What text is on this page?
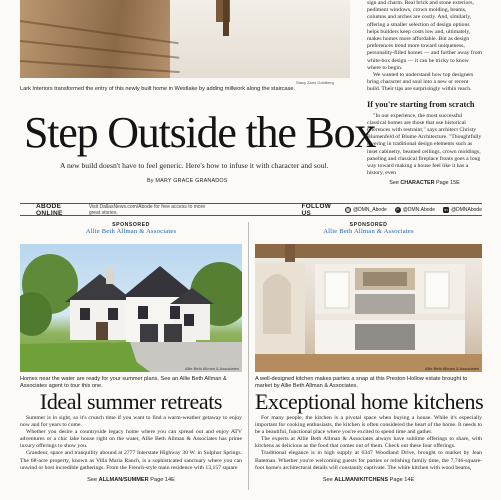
Stacy Zarin Goldberg
Lark Interiors transformed the entry of this newly built home in Westlake by adding millwork along the staircase.

sign and charm. Real brick and stone exteriors, pediment windows, crown molding, beams, columns and arches are costly. And, similarly, offering a smaller selection of design options helps builders keep costs low and, ultimately, makes homes more affordable. But as design preferences trend more toward uniqueness, personality-filled homes — and further away from white-box design — it can be tricky to know where to begin.

We wanted to understand how top designers bring character and soul into a new or recent build. Their tips are surprisingly within reach.

If you're starting from scratch

"In our experience, the most successful classical homes are those that use historical references with restraint," says architect Christy Blumenfeld of Blume Architecture. "Thoughtfully layering in traditional design elements such as inset cabinetry, beamed ceilings, crown moldings, paneling and classical fireplace fronts goes a long way toward making a house feel like it has a history, even

See CHARACTER Page 15E
Step Outside the Box
A new build doesn't have to feel generic. Here's how to infuse it with character and soul.
By MARY GRACE GRANADOS
ABODE ONLINE
Visit DallasNews.com/Abode for free access to more great stories.
FOLLOW US	◎ @DMN_Abode	P @DMN.Abode	in @DMNAbode
SPONSORED
Allie Beth Allman & Associates
SPONSORED
Allie Beth Allman & Associates
Allie Beth Allman & Associates	Allie Beth Allman & Associates
Homes near the water are ready for your summer plans. See an Allie Beth Allman & Associates agent to tour this one.
A well-designed kitchen makes parties a snap at this Preston Hollow estate brought to market by Allie Beth Allman & Associates.
Ideal summer retreats	Exceptional home kitchens

Summer is in sight, so it's crunch time if you want to find a warm-weather getaway to enjoy now and for years to come.

Whether you desire a countryside legacy home where you can spread out and enjoy ATV adventures or a chic lake house right on the water, Allie Beth Allman & Associates has prime luxury offerings to show you.

Grandeur, space and tranquility abound at 2777 Interstate Highway 30 W. in Sulphur Springs. The 68-acre property, known as Villa Maria Ranch, is a sophisticated sanctuary where you can unwind or host incredible gatherings. From the French-style main residence with 13,157 square

For many people, the kitchen is a pivotal space when buying a house. While it's especially important for cooking enthusiasts, the kitchen is often considered the heart of the home. It needs to be a beautiful, functional place where you're excited to spend time and gather.

The experts at Allie Beth Allman & Associates always have sublime offerings to share, with kitchens as delicious as the food that comes out of them. Check out these four offerings.

Traditional elegance is in high supply at 6347 Woodland Drive, brought to market by Jean Bateman. Whether you're welcoming guests for parties or relishing family time, the 7,746-square-foot home's architectural details will constantly captivate. The white kitchen with wood beams,

See ALLMAN/SUMMER Page 14E	See ALLMAN/KITCHENS Page 14E
